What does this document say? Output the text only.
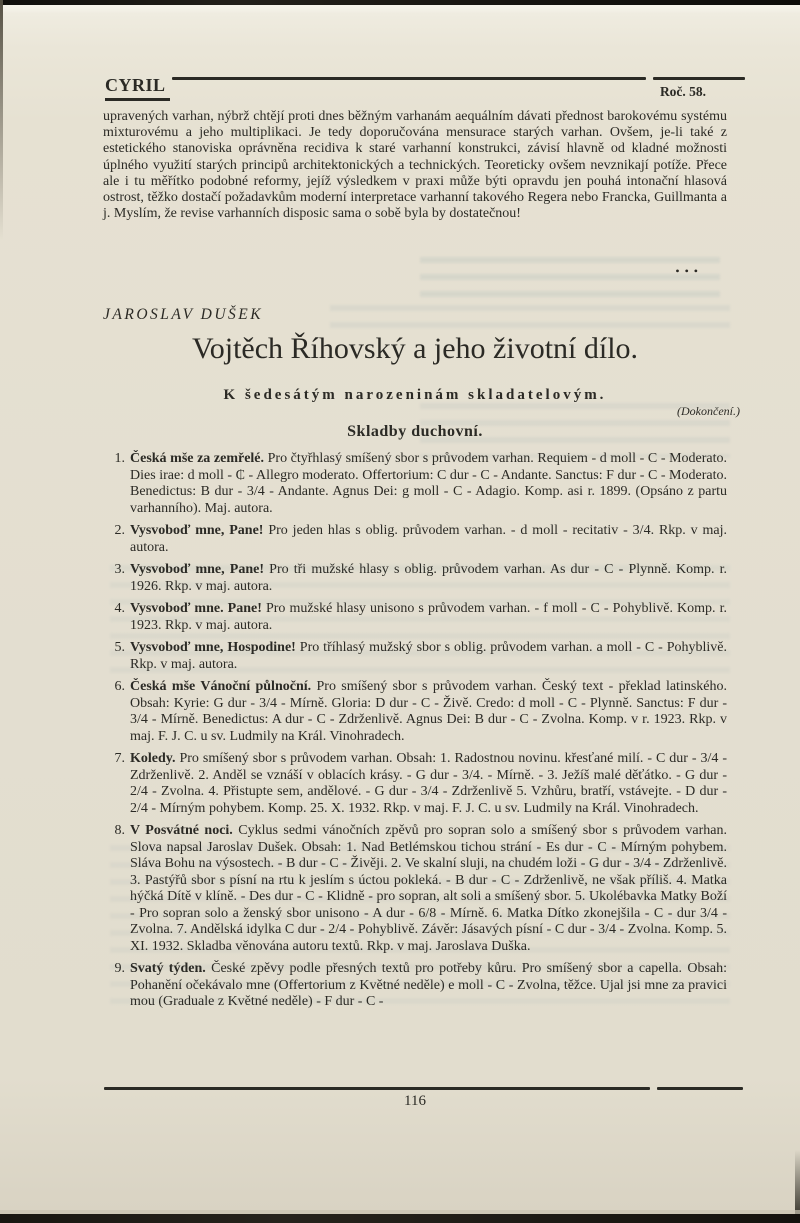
CYRIL	Roč. 58.
upravených varhan, nýbrž chtějí proti dnes běžným varhanám aequálním dávati přednost barokovému systému mixturovému a jeho multiplikaci. Je tedy doporučována mensurace starých varhan. Ovšem, je-li také z estetického stanoviska oprávněna recidiva k staré varhanní konstrukci, závisí hlavně od kladné možnosti úplného využití starých principů architektonických a technických. Teoreticky ovšem nevznikají potíže. Přece ale i tu měřítko podobné reformy, jejíž výsledkem v praxi může býti opravdu jen pouhá intonační hlasová ostrost, těžko dostačí požadavkům moderní interpretace varhanní takového Regera nebo Francka, Guillmanta a j. Myslím, že revise varhanních disposic sama o sobě byla by dostatečnou!
•••
JAROSLAV DUŠEK
Vojtěch Říhovský a jeho životní dílo.
K šedesátým narozeninám skladatelovým.
(Dokončení.)
Skladby duchovní.
1. Česká mše za zemřelé. Pro čtyřhlasý smíšený sbor s průvodem varhan. Requiem - d moll - C - Moderato. Dies irae: d moll - ₵ - Allegro moderato. Offertorium: C dur - C - Andante. Sanctus: F dur - C - Moderato. Benedictus: B dur - 3/4 - Andante. Agnus Dei: g moll - C - Adagio. Komp. asi r. 1899. (Opsáno z partu varhanního). Maj. autora.
2. Vysvoboď mne, Pane! Pro jeden hlas s oblig. průvodem varhan. - d moll - recitativ - 3/4. Rkp. v maj. autora.
3. Vysvoboď mne, Pane! Pro tři mužské hlasy s oblig. průvodem varhan. As dur - C - Plynně. Komp. r. 1926. Rkp. v maj. autora.
4. Vysvoboď mne. Pane! Pro mužské hlasy unisono s průvodem varhan. - f moll - C - Pohyblivě. Komp. r. 1923. Rkp. v maj. autora.
5. Vysvoboď mne, Hospodine! Pro tříhlasý mužský sbor s oblig. průvodem varhan. a moll - C - Pohyblivě. Rkp. v maj. autora.
6. Česká mše Vánoční půlnoční. Pro smíšený sbor s průvodem varhan. Český text - překlad latinského. Obsah: Kyrie: G dur - 3/4 - Mírně. Gloria: D dur - C - Živě. Credo: d moll - C - Plynně. Sanctus: F dur - 3/4 - Mírně. Benedictus: A dur - C - Zdrženlivě. Agnus Dei: B dur - C - Zvolna. Komp. v r. 1923. Rkp. v maj. F. J. C. u sv. Ludmily na Král. Vinohradech.
7. Koledy. Pro smíšený sbor s průvodem varhan. Obsah: 1. Radostnou novinu. křesťané milí. - C dur - 3/4 - Zdrženlivě. 2. Anděl se vznáší v oblacích krásy. - G dur - 3/4. - Mírně. - 3. Ježíš malé děťátko. - G dur - 2/4 - Zvolna. 4. Přistupte sem, andělové. - G dur - 3/4 - Zdrženlivě 5. Vzhůru, bratří, vstávejte. - D dur - 2/4 - Mírným pohybem. Komp. 25. X. 1932. Rkp. v maj. F. J. C. u sv. Ludmily na Král. Vinohradech.
8. V Posvátné noci. Cyklus sedmi vánočních zpěvů pro sopran solo a smíšený sbor s průvodem varhan. Slova napsal Jaroslav Dušek. Obsah: 1. Nad Betlémskou tichou strání - Es dur - C - Mírným pohybem. Sláva Bohu na výsostech. - B dur - C - Živěji. 2. Ve skalní sluji, na chudém loži - G dur - 3/4 - Zdrženlivě. 3. Pastýřů sbor s písní na rtu k jeslím s úctou pokleká. - B dur - C - Zdrženlivě, ne však příliš. 4. Matka hýčká Dítě v klíně. - Des dur - C - Klidně - pro sopran, alt soli a smíšený sbor. 5. Ukolébavka Matky Boží - Pro sopran solo a ženský sbor unisono - A dur - 6/8 - Mírně. 6. Matka Dítko zkonejšila - C - dur 3/4 - Zvolna. 7. Andělská idylka C dur - 2/4 - Pohyblivě. Závěr: Jásavých písní - C dur - 3/4 - Zvolna. Komp. 5. XI. 1932. Skladba věnována autoru textů. Rkp. v maj. Jaroslava Duška.
9. Svatý týden. České zpěvy podle přesných textů pro potřeby kůru. Pro smíšený sbor a capella. Obsah: Pohanění očekávalo mne (Offertorium z Květné neděle) e moll - C - Zvolna, těžce. Ujal jsi mne za pravici mou (Graduale z Květné neděle) - F dur - C -
116
